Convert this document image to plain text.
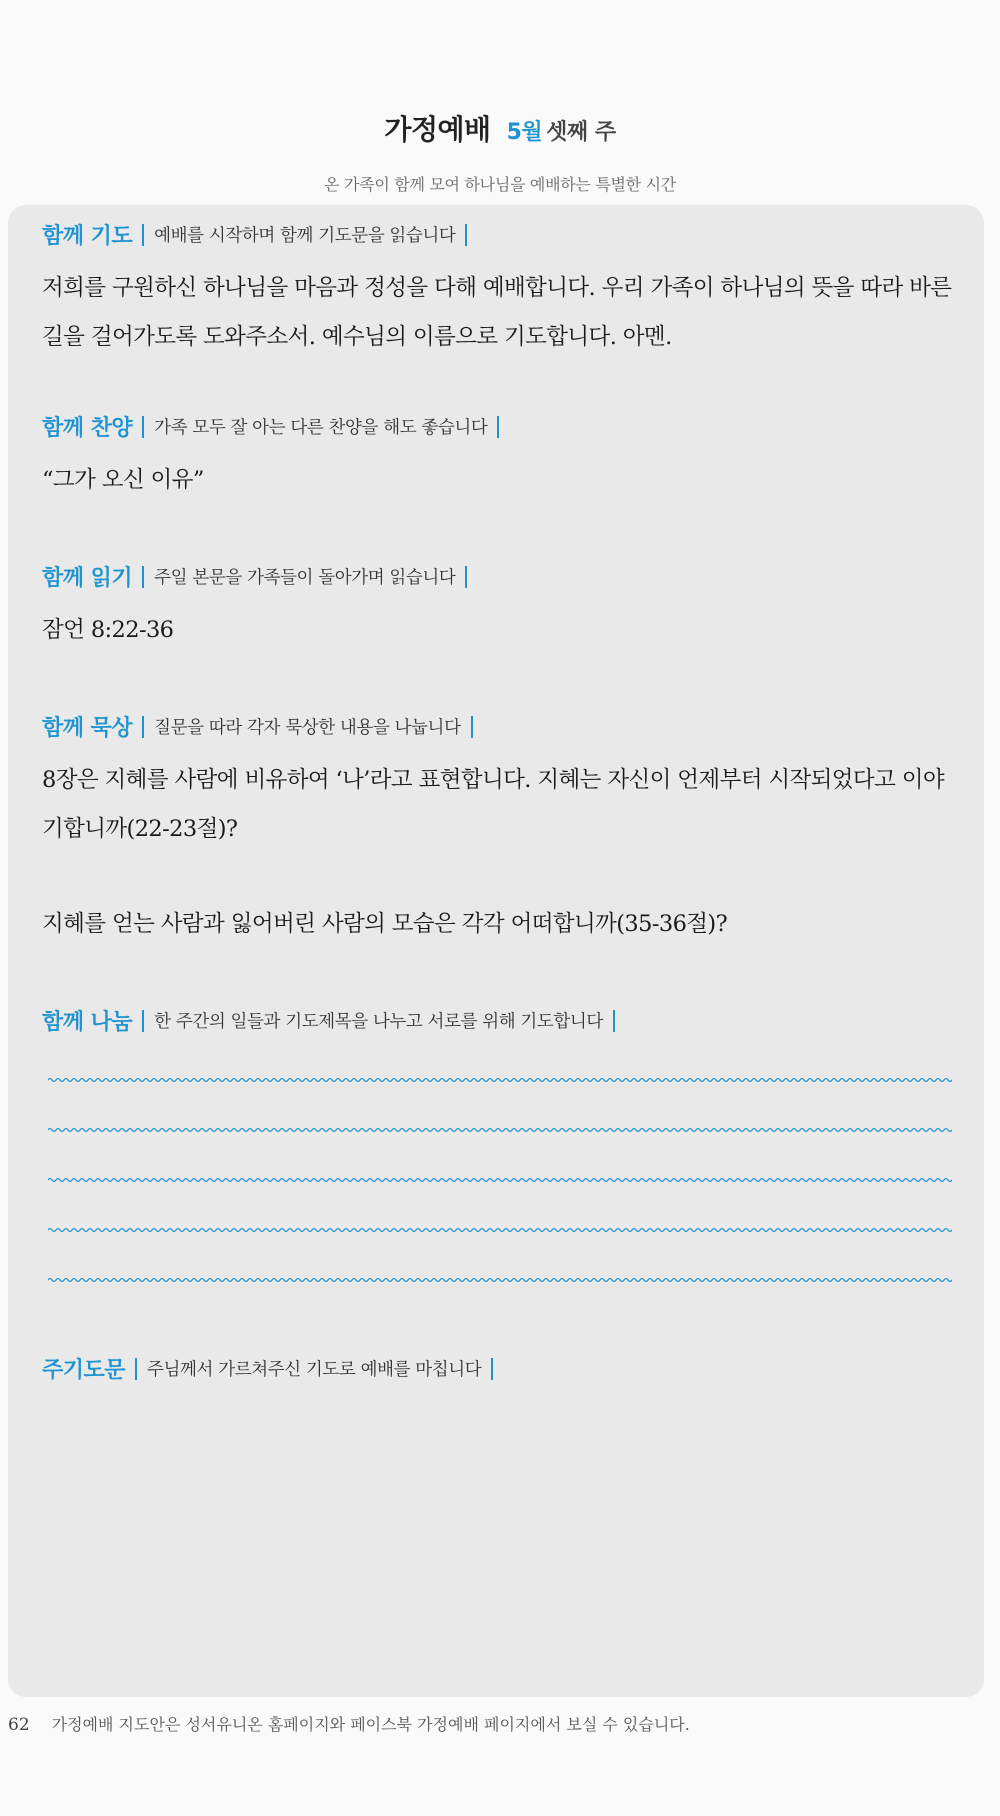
가정예배 5월 셋째 주
온 가족이 함께 모여 하나님을 예배하는 특별한 시간
함께 기도 예배를 시작하며 함께 기도문을 읽습니다
저희를 구원하신 하나님을 마음과 정성을 다해 예배합니다. 우리 가족이 하나님의 뜻을 따라 바른 길을 걸어가도록 도와주소서. 예수님의 이름으로 기도합니다. 아멘.
함께 찬양 가족 모두 잘 아는 다른 찬양을 해도 좋습니다
“그가 오신 이유”
함께 읽기 주일 본문을 가족들이 돌아가며 읽습니다
잠언 8:22-36
함께 묵상 질문을 따라 각자 묵상한 내용을 나눕니다
8장은 지혜를 사람에 비유하여 ‘나’라고 표현합니다. 지혜는 자신이 언제부터 시작되었다고 이야기합니까(22-23절)?
지혜를 얻는 사람과 잃어버린 사람의 모습은 각각 어떠합니까(35-36절)?
함께 나눔 한 주간의 일들과 기도제목을 나누고 서로를 위해 기도합니다
주기도문 주님께서 가르쳐주신 기도로 예배를 마칩니다
62 가정예배 지도안은 성서유니온 홈페이지와 페이스북 가정예배 페이지에서 보실 수 있습니다.
